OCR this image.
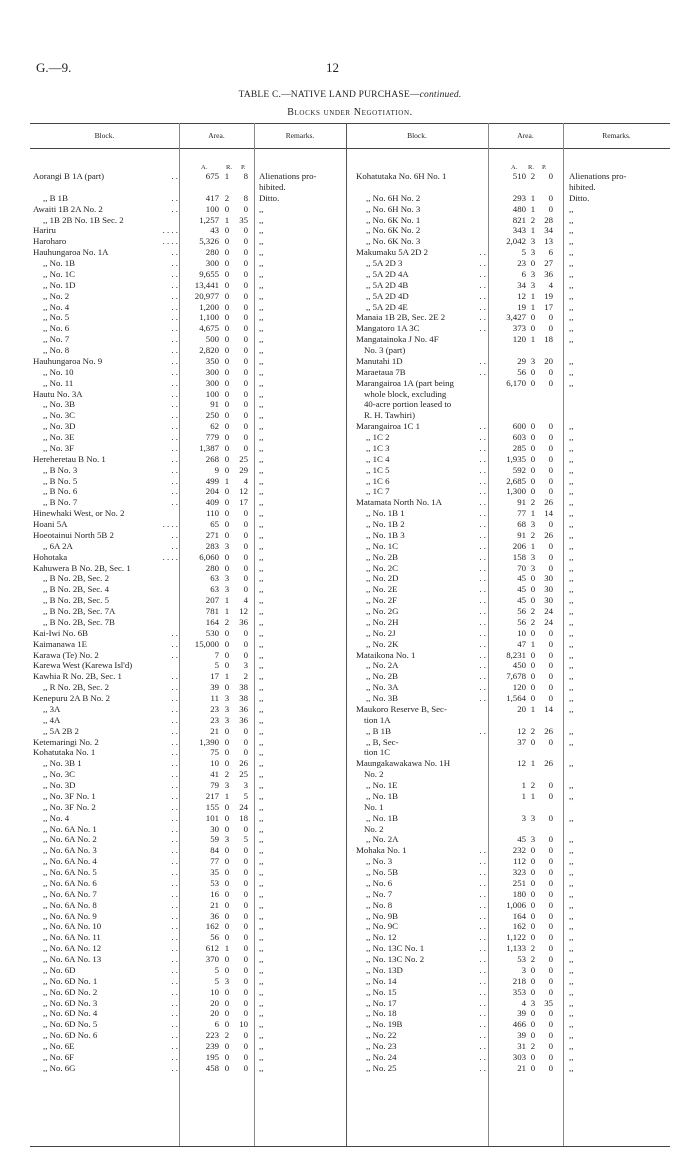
G.—9.	12
TABLE C.—NATIVE LAND PURCHASE—continued.
Blocks under Negotiation.
Block.	Area.	Remarks.	Block.	Area.	Remarks.
A.	R. P.	A. R. P.
Aorangi B 1A (part)	. .	675 1	8 Alienations pro-
hibited.
,, B 1B	. .	417 2	8 Ditto.
Awaiti 1B 2A No. 2	. .	100 0	0 ,,
,, 1B 2B No. 1B Sec. 2	1,257 1	35 ,,
Hariru	. . . .	43 0	0 ,,
Haroharo	. . . .	5,326 0	0 ,,
Hauhungaroa No. 1A	. .	280 0	0 ,,
,, No. 1B	. .	300 0	0 ,,
,, No. 1C	. .	9,655 0	0 ,,
,, No. 1D	. .	13,441 0	0 ,,
,, No. 2	. .	20,977 0	0 ,,
,, No. 4	. .	1,200 0	0 ,,
,, No. 5	. .	1,100 0	0 ,,
,, No. 6	. .	4,675 0	0 ,,
,, No. 7	. .	500 0	0 ,,
,, No. 8	. .	2,820 0	0 ,,
Hauhungaroa No. 9	. .	350 0	0 ,,
,, No. 10	. .	300 0	0 ,,
,, No. 11	. .	300 0	0 ,,
Hautu No. 3A	. .	100 0	0 ,,
,, No. 3B	. .	91 0	0 ,,
,, No. 3C	. .	250 0	0 ,,
,, No. 3D	. .	62 0	0 ,,
,, No. 3E	. .	779 0	0 ,,
,, No. 3F	. .	1,387 0	0 ,,
Hereheretau B No. 1	. .	268 0	25 ,,
,, B No. 3	. .	9 0	29 ,,
,, B No. 5	. .	499 1	4 ,,
,, B No. 6	. .	204 0	12 ,,
,, B No. 7	. .	409 0	17 ,,
Hinewhaki West, or No. 2	110 0	0 ,,
Hoani 5A	. . . .	65 0	0 ,,
Hoeotainui North 5B 2	. .	271 0	0 ,,
,, 6A 2A	. .	283 3	0 ,,
Hohotaka	. . . .	6,060 0	0 ,,
Kahuwera B No. 2B, Sec. 1	280 0	0 ,,
,, B No. 2B, Sec. 2	63 3	0 ,,
,, B No. 2B, Sec. 4	63 3	0 ,,
,, B No. 2B, Sec. 5	207 1	4 ,,
,, B No. 2B, Sec. 7A	781 1	12 ,,
,, B No. 2B, Sec. 7B	164 2	36 ,,
Kai-Iwi No. 6B	. .	530 0	0 ,,
Kaimanawa 1E	. .	15,000 0	0 ,,
Karawa (Te) No. 2	. .	7 0	0 ,,
Karewa West (Karewa Isl'd)	5 0	3 ,,
Kawhia R No. 2B, Sec. 1	. .	17 1	2 ,,
,, R No. 2B, Sec. 2	. .	39 0	38 ,,
Kenepuru 2A B No. 2	. .	11 3	38 ,,
,, 3A	. .	23 3	36 ,,
,, 4A	. .	23 3	36 ,,
,, 5A 2B 2	. .	21 0	0 ,,
Ketemaringi No. 2	. .	1,390 0	0 ,,
Kohatutaka No. 1	. .	75 0	0 ,,
,, No. 3B 1	. .	10 0	26 ,,
,, No. 3C	. .	41 2	25 ,,
,, No. 3D	. .	79 3	3 ,,
,, No. 3F No. 1	. .	217 1	5 ,,
,, No. 3F No. 2	. .	155 0	24 ,,
,, No. 4	. .	101 0	18 ,,
,, No. 6A No. 1	. .	30 0	0 ,,
,, No. 6A No. 2	. .	59 3	5 ,,
,, No. 6A No. 3	. .	84 0	0 ,,
,, No. 6A No. 4	. .	77 0	0 ,,
,, No. 6A No. 5	. .	35 0	0 ,,
,, No. 6A No. 6	. .	53 0	0 ,,
,, No. 6A No. 7	. .	16 0	0 ,,
,, No. 6A No. 8	. .	21 0	0 ,,
,, No. 6A No. 9	. .	36 0	0 ,,
,, No. 6A No. 10	. .	162 0	0 ,,
,, No. 6A No. 11	. .	56 0	0 ,,
,, No. 6A No. 12	. .	612 1	0 ,,
,, No. 6A No. 13	. .	370 0	0 ,,
,, No. 6D	. .	5 0	0 ,,
,, No. 6D No. 1	. .	5 3	0 ,,
,, No. 6D No. 2	. .	10 0	0 ,,
,, No. 6D No. 3	. .	20 0	0 ,,
,, No. 6D No. 4	. .	20 0	0 ,,
,, No. 6D No. 5	. .	6 0	10 ,,
,, No. 6D No. 6	. .	223 2	0 ,,
,, No. 6E	. .	239 0	0 ,,
,, No. 6F	. .	195 0	0 ,,
,, No. 6G	. .	458 0	0 ,,
Kohatutaka No. 6H No. 1	510 2	0 Alienations pro-
hibited.
,, No. 6H No. 2	293 1	0 Ditto.
,, No. 6H No. 3	480 1	0 ,,
,, No. 6K No. 1	821 2	28 ,,
,, No. 6K No. 2	343 1	34 ,,
,, No. 6K No. 3	2,042 3	13 ,,
Makumaku 5A 2D 2	. .	5 3	6 ,,
,, 5A 2D 3	. .	23 0	27 ,,
,, 5A 2D 4A	. .	6 3	36 ,,
,, 5A 2D 4B	. .	34 3	4 ,,
,, 5A 2D 4D	. .	12 1	19 ,,
,, 5A 2D 4E	. .	19 1	17 ,,
Manaia 1B 2B, Sec. 2E 2	. .	3,427 0	0 ,,
Mangatoro 1A 3C	. .	373 0	0 ,,
Mangatainoka J No. 4F	120 1	18 ,,
No. 3 (part)
Manutahi 1D	. .	29 3	20 ,,
Maraetaua 7B	. .	56 0	0 ,,
Marangairoa 1A (part being	6,170 0	0 ,,
whole block, excluding
40-acre portion leased to
R. H. Tawhiri)
Marangairoa 1C 1	. .	600 0	0 ,,
,, 1C 2	. .	603 0	0 ,,
,, 1C 3	. .	285 0	0 ,,
,, 1C 4	. .	1,935 0	0 ,,
,, 1C 5	. .	592 0	0 ,,
,, 1C 6	. .	2,685 0	0 ,,
,, 1C 7	. .	1,300 0	0 ,,
Matamata North No. 1A	. .	91 2	26 ,,
,, No. 1B 1	. .	77 1	14 ,,
,, No. 1B 2	. .	68 3	0 ,,
,, No. 1B 3	. .	91 2	26 ,,
,, No. 1C	. .	206 1	0 ,,
,, No. 2B	. .	158 3	0 ,,
,, No. 2C	. .	70 3	0 ,,
,, No. 2D	. .	45 0	30 ,,
,, No. 2E	. .	45 0	30 ,,
,, No. 2F	. .	45 0	30 ,,
,, No. 2G	. .	56 2	24 ,,
,, No. 2H	. .	56 2	24 ,,
,, No. 2J	. .	10 0	0 ,,
,, No. 2K	. .	47 1	0 ,,
Mataikona No. 1	. .	8,231 0	0 ,,
,, No. 2A	. .	450 0	0 ,,
,, No. 2B	. .	7,678 0	0 ,,
,, No. 3A	. .	120 0	0 ,,
,, No. 3B	. .	1,564 0	0 ,,
Maukoro Reserve B, Sec-	20 1	14 ,,
tion 1A
,, B 1B	. .	12 2	26 ,,
,, B, Sec-	37 0	0 ,,
tion 1C
Maungakawakawa No. 1H	12 1	26 ,,
No. 2
,, No. 1E	1 2	0 ,,
,, No. 1B	1 1	0 ,,
No. 1
,, No. 1B	3 3	0 ,,
No. 2
,, No. 2A	45 3	0 ,,
Mohaka No. 1	. .	232 0	0 ,,
,, No. 3	. .	112 0	0 ,,
,, No. 5B	. .	323 0	0 ,,
,, No. 6	. .	251 0	0 ,,
,, No. 7	. .	180 0	0 ,,
,, No. 8	. .	1,006 0	0 ,,
,, No. 9B	. .	164 0	0 ,,
,, No. 9C	. .	162 0	0 ,,
,, No. 12	. .	1,122 0	0 ,,
,, No. 13C No. 1	. .	1,133 2	0 ,,
,, No. 13C No. 2	. .	53 2	0 ,,
,, No. 13D	. .	3 0	0 ,,
,, No. 14	. .	218 0	0 ,,
,, No. 15	. .	353 0	0 ,,
,, No. 17	. .	4 3	35 ,,
,, No. 18	. .	39 0	0 ,,
,, No. 19B	. .	466 0	0 ,,
,, No. 22	. .	39 0	0 ,,
,, No. 23	. .	31 2	0 ,,
,, No. 24	. .	303 0	0 ,,
,, No. 25	. .	21 0	0 ,,
